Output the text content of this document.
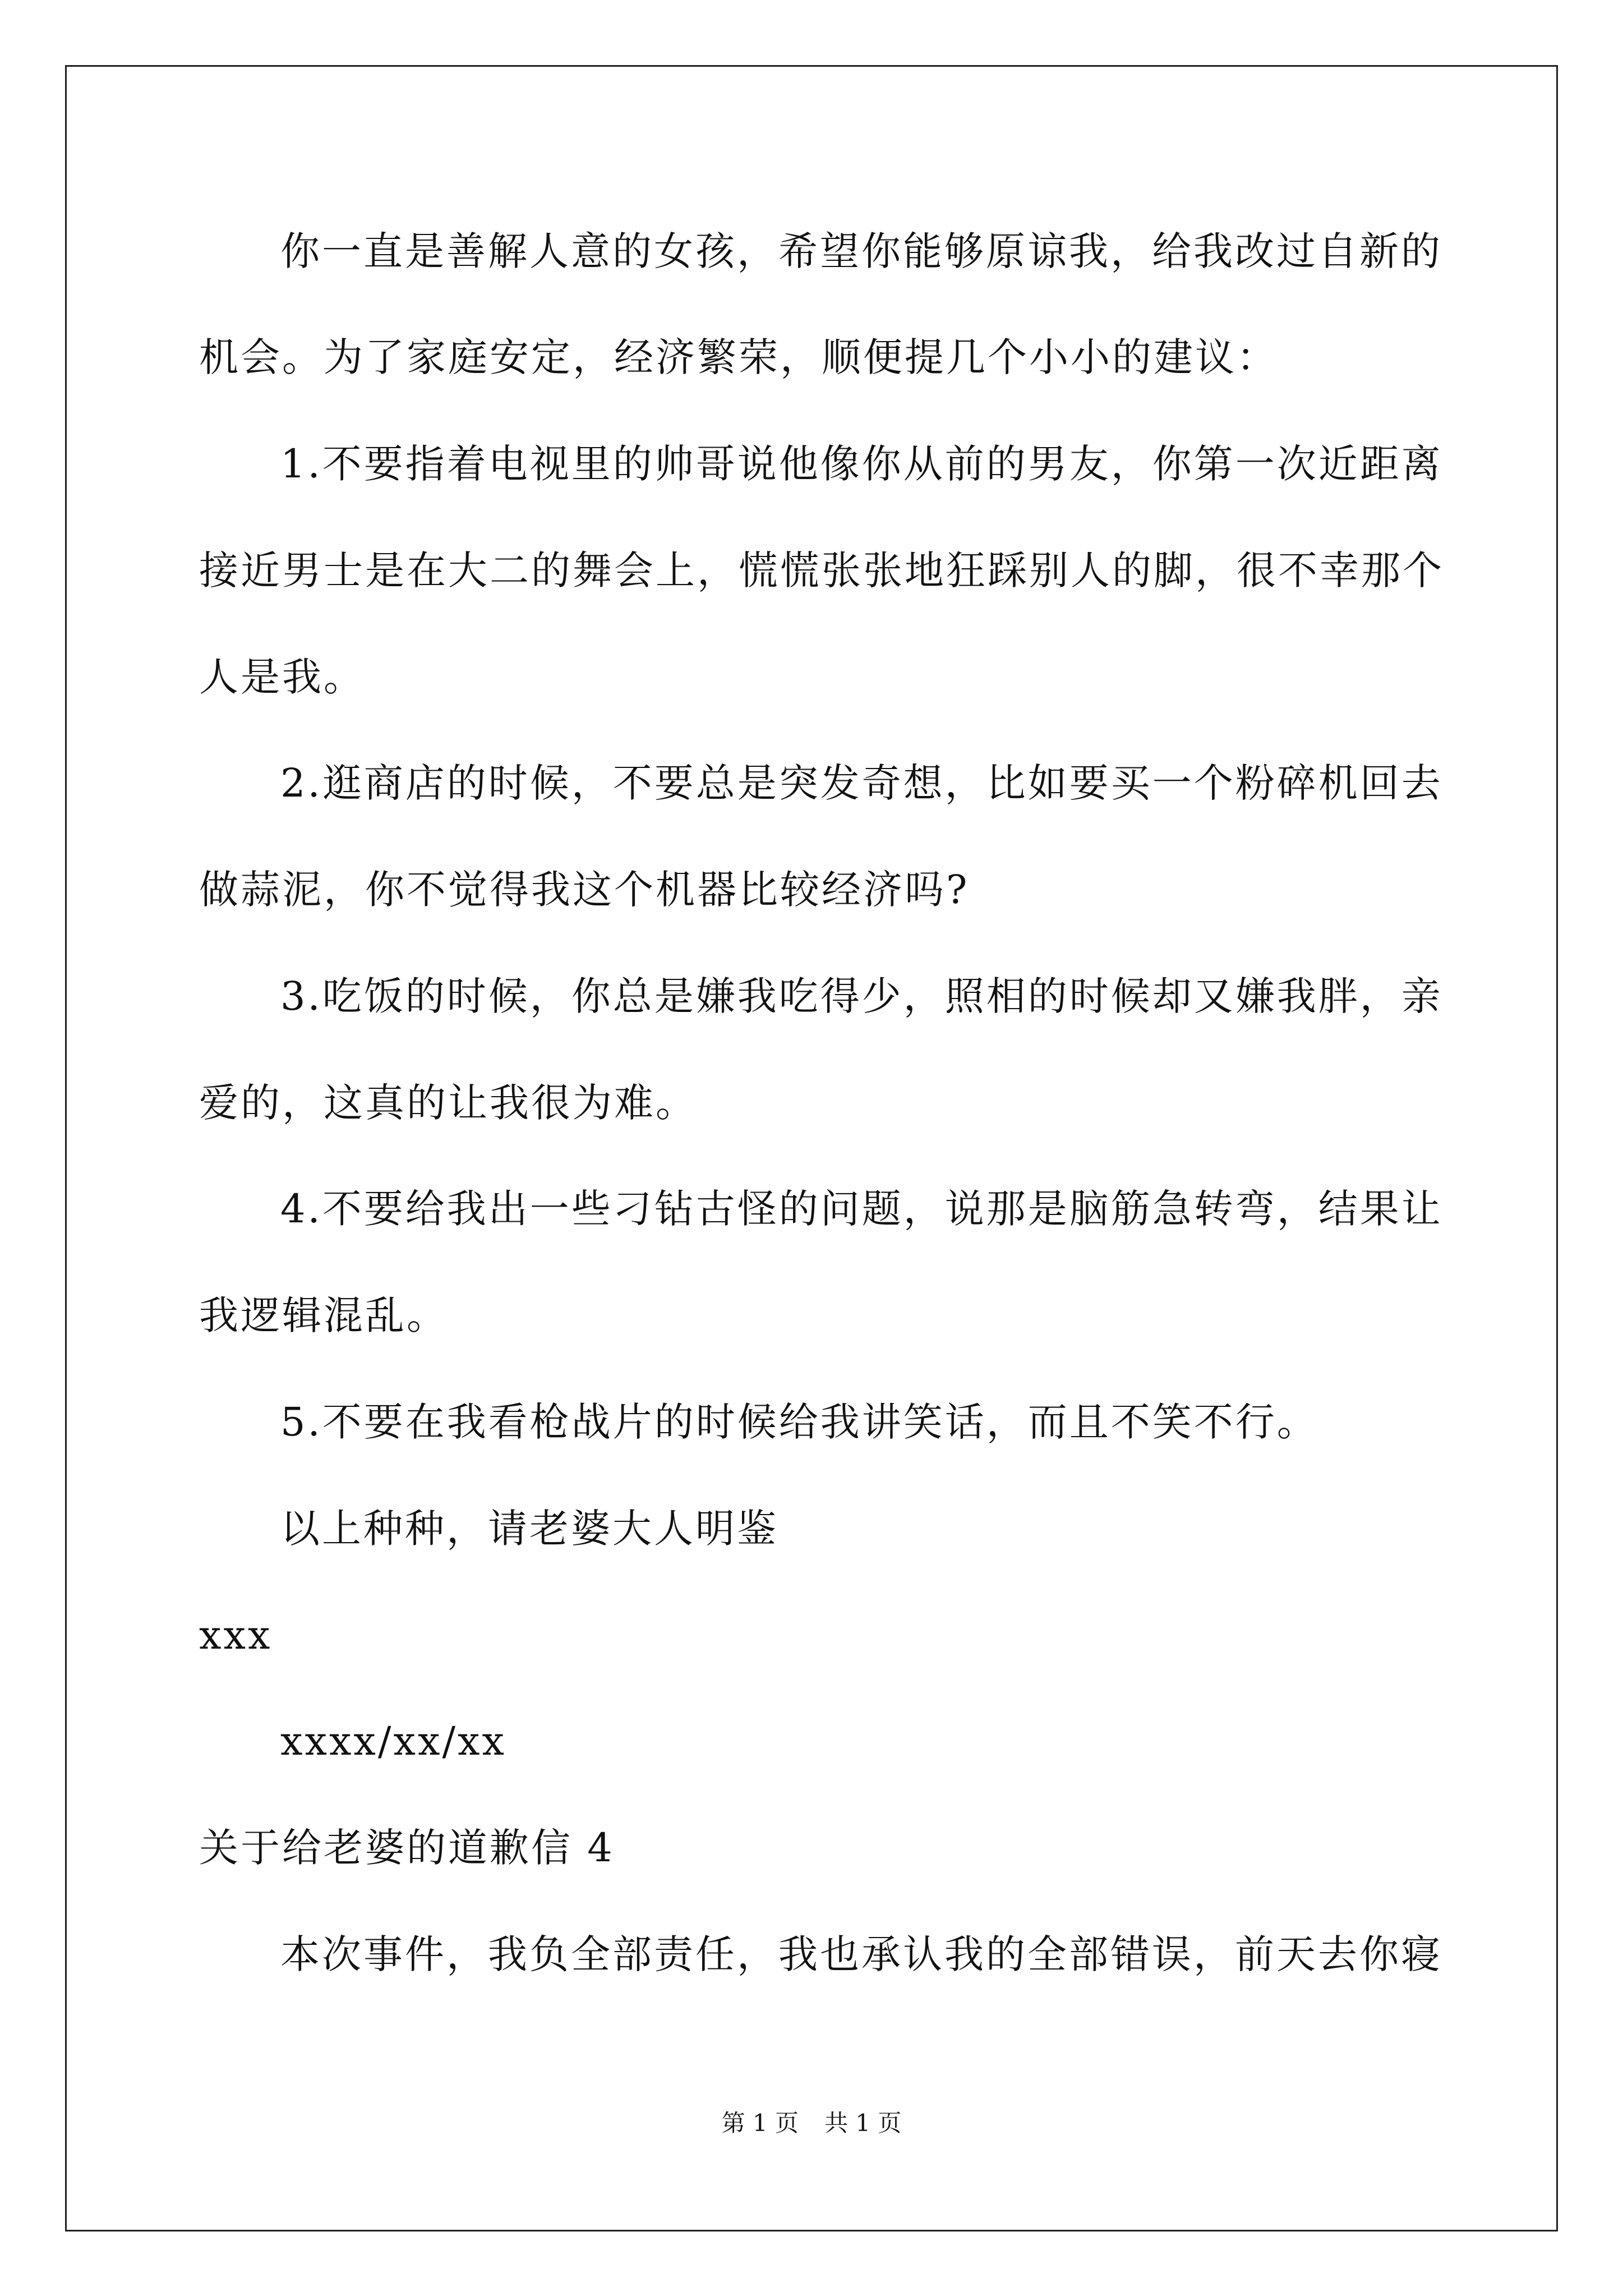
你一直是善解人意的女孩，希望你能够原谅我，给我改过自新的
机会。为了家庭安定，经济繁荣，顺便提几个小小的建议：
1.不要指着电视里的帅哥说他像你从前的男友，你第一次近距离
接近男士是在大二的舞会上，慌慌张张地狂踩别人的脚，很不幸那个
人是我。
2.逛商店的时候，不要总是突发奇想，比如要买一个粉碎机回去
做蒜泥，你不觉得我这个机器比较经济吗?
3.吃饭的时候，你总是嫌我吃得少，照相的时候却又嫌我胖，亲
爱的，这真的让我很为难。
4.不要给我出一些刁钻古怪的问题，说那是脑筋急转弯，结果让
我逻辑混乱。
5.不要在我看枪战片的时候给我讲笑话，而且不笑不行。
以上种种，请老婆大人明鉴
xxx
xxxx/xx/xx
关于给老婆的道歉信 4
本次事件，我负全部责任，我也承认我的全部错误，前天去你寝
第 1 页 共 1 页
